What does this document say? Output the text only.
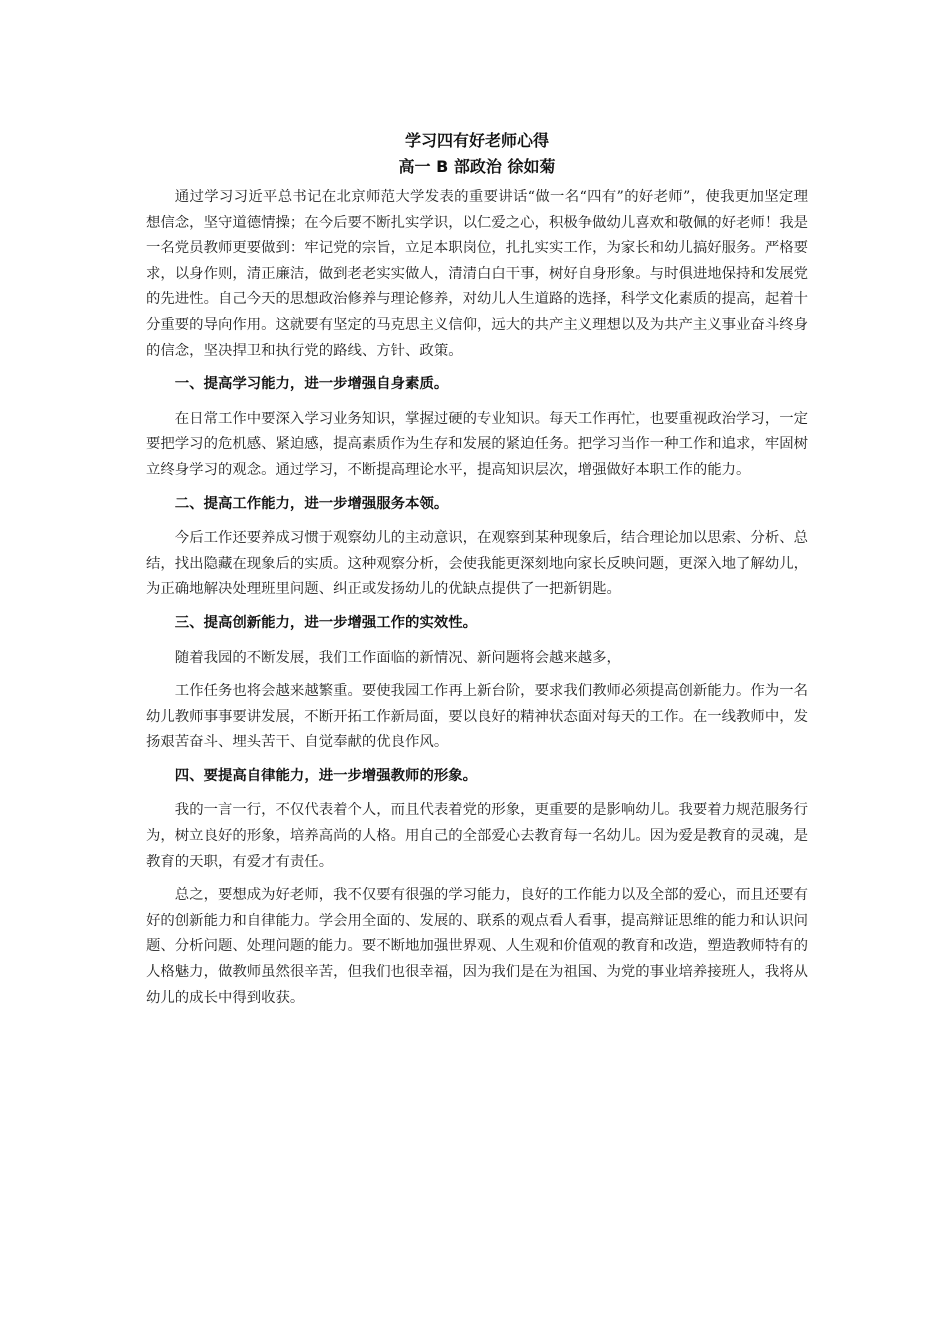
学习四有好老师心得
高一 B 部政治 徐如菊

通过学习习近平总书记在北京师范大学发表的重要讲话“做一名“四有”的好老师”，使我更加坚定理想信念，坚守道德情操；在今后要不断扎实学识，以仁爱之心，积极争做幼儿喜欢和敬佩的好老师！我是一名党员教师更要做到：牢记党的宗旨，立足本职岗位，扎扎实实工作，为家长和幼儿搞好服务。严格要求，以身作则，清正廉洁，做到老老实实做人，清清白白干事，树好自身形象。与时俱进地保持和发展党的先进性。自己今天的思想政治修养与理论修养，对幼儿人生道路的选择，科学文化素质的提高，起着十分重要的导向作用。这就要有坚定的马克思主义信仰，远大的共产主义理想以及为共产主义事业奋斗终身的信念，坚决捍卫和执行党的路线、方针、政策。

一、提高学习能力，进一步增强自身素质。

在日常工作中要深入学习业务知识，掌握过硬的专业知识。每天工作再忙，也要重视政治学习，一定要把学习的危机感、紧迫感，提高素质作为生存和发展的紧迫任务。把学习当作一种工作和追求，牢固树立终身学习的观念。通过学习，不断提高理论水平，提高知识层次，增强做好本职工作的能力。

二、提高工作能力，进一步增强服务本领。

今后工作还要养成习惯于观察幼儿的主动意识，在观察到某种现象后，结合理论加以思索、分析、总结，找出隐藏在现象后的实质。这种观察分析，会使我能更深刻地向家长反映问题，更深入地了解幼儿，为正确地解决处理班里问题、纠正或发扬幼儿的优缺点提供了一把新钥匙。

三、提高创新能力，进一步增强工作的实效性。

随着我园的不断发展，我们工作面临的新情况、新问题将会越来越多，

工作任务也将会越来越繁重。要使我园工作再上新台阶，要求我们教师必须提高创新能力。作为一名幼儿教师事事要讲发展，不断开拓工作新局面，要以良好的精神状态面对每天的工作。在一线教师中，发扬艰苦奋斗、埋头苦干、自觉奉献的优良作风。

四、要提高自律能力，进一步增强教师的形象。

我的一言一行，不仅代表着个人，而且代表着党的形象，更重要的是影响幼儿。我要着力规范服务行为，树立良好的形象，培养高尚的人格。用自己的全部爱心去教育每一名幼儿。因为爱是教育的灵魂，是教育的天职，有爱才有责任。

总之，要想成为好老师，我不仅要有很强的学习能力，良好的工作能力以及全部的爱心，而且还要有好的创新能力和自律能力。学会用全面的、发展的、联系的观点看人看事，提高辩证思维的能力和认识问题、分析问题、处理问题的能力。要不断地加强世界观、人生观和价值观的教育和改造，塑造教师特有的人格魅力，做教师虽然很辛苦，但我们也很幸福，因为我们是在为祖国、为党的事业培养接班人，我将从幼儿的成长中得到收获。
